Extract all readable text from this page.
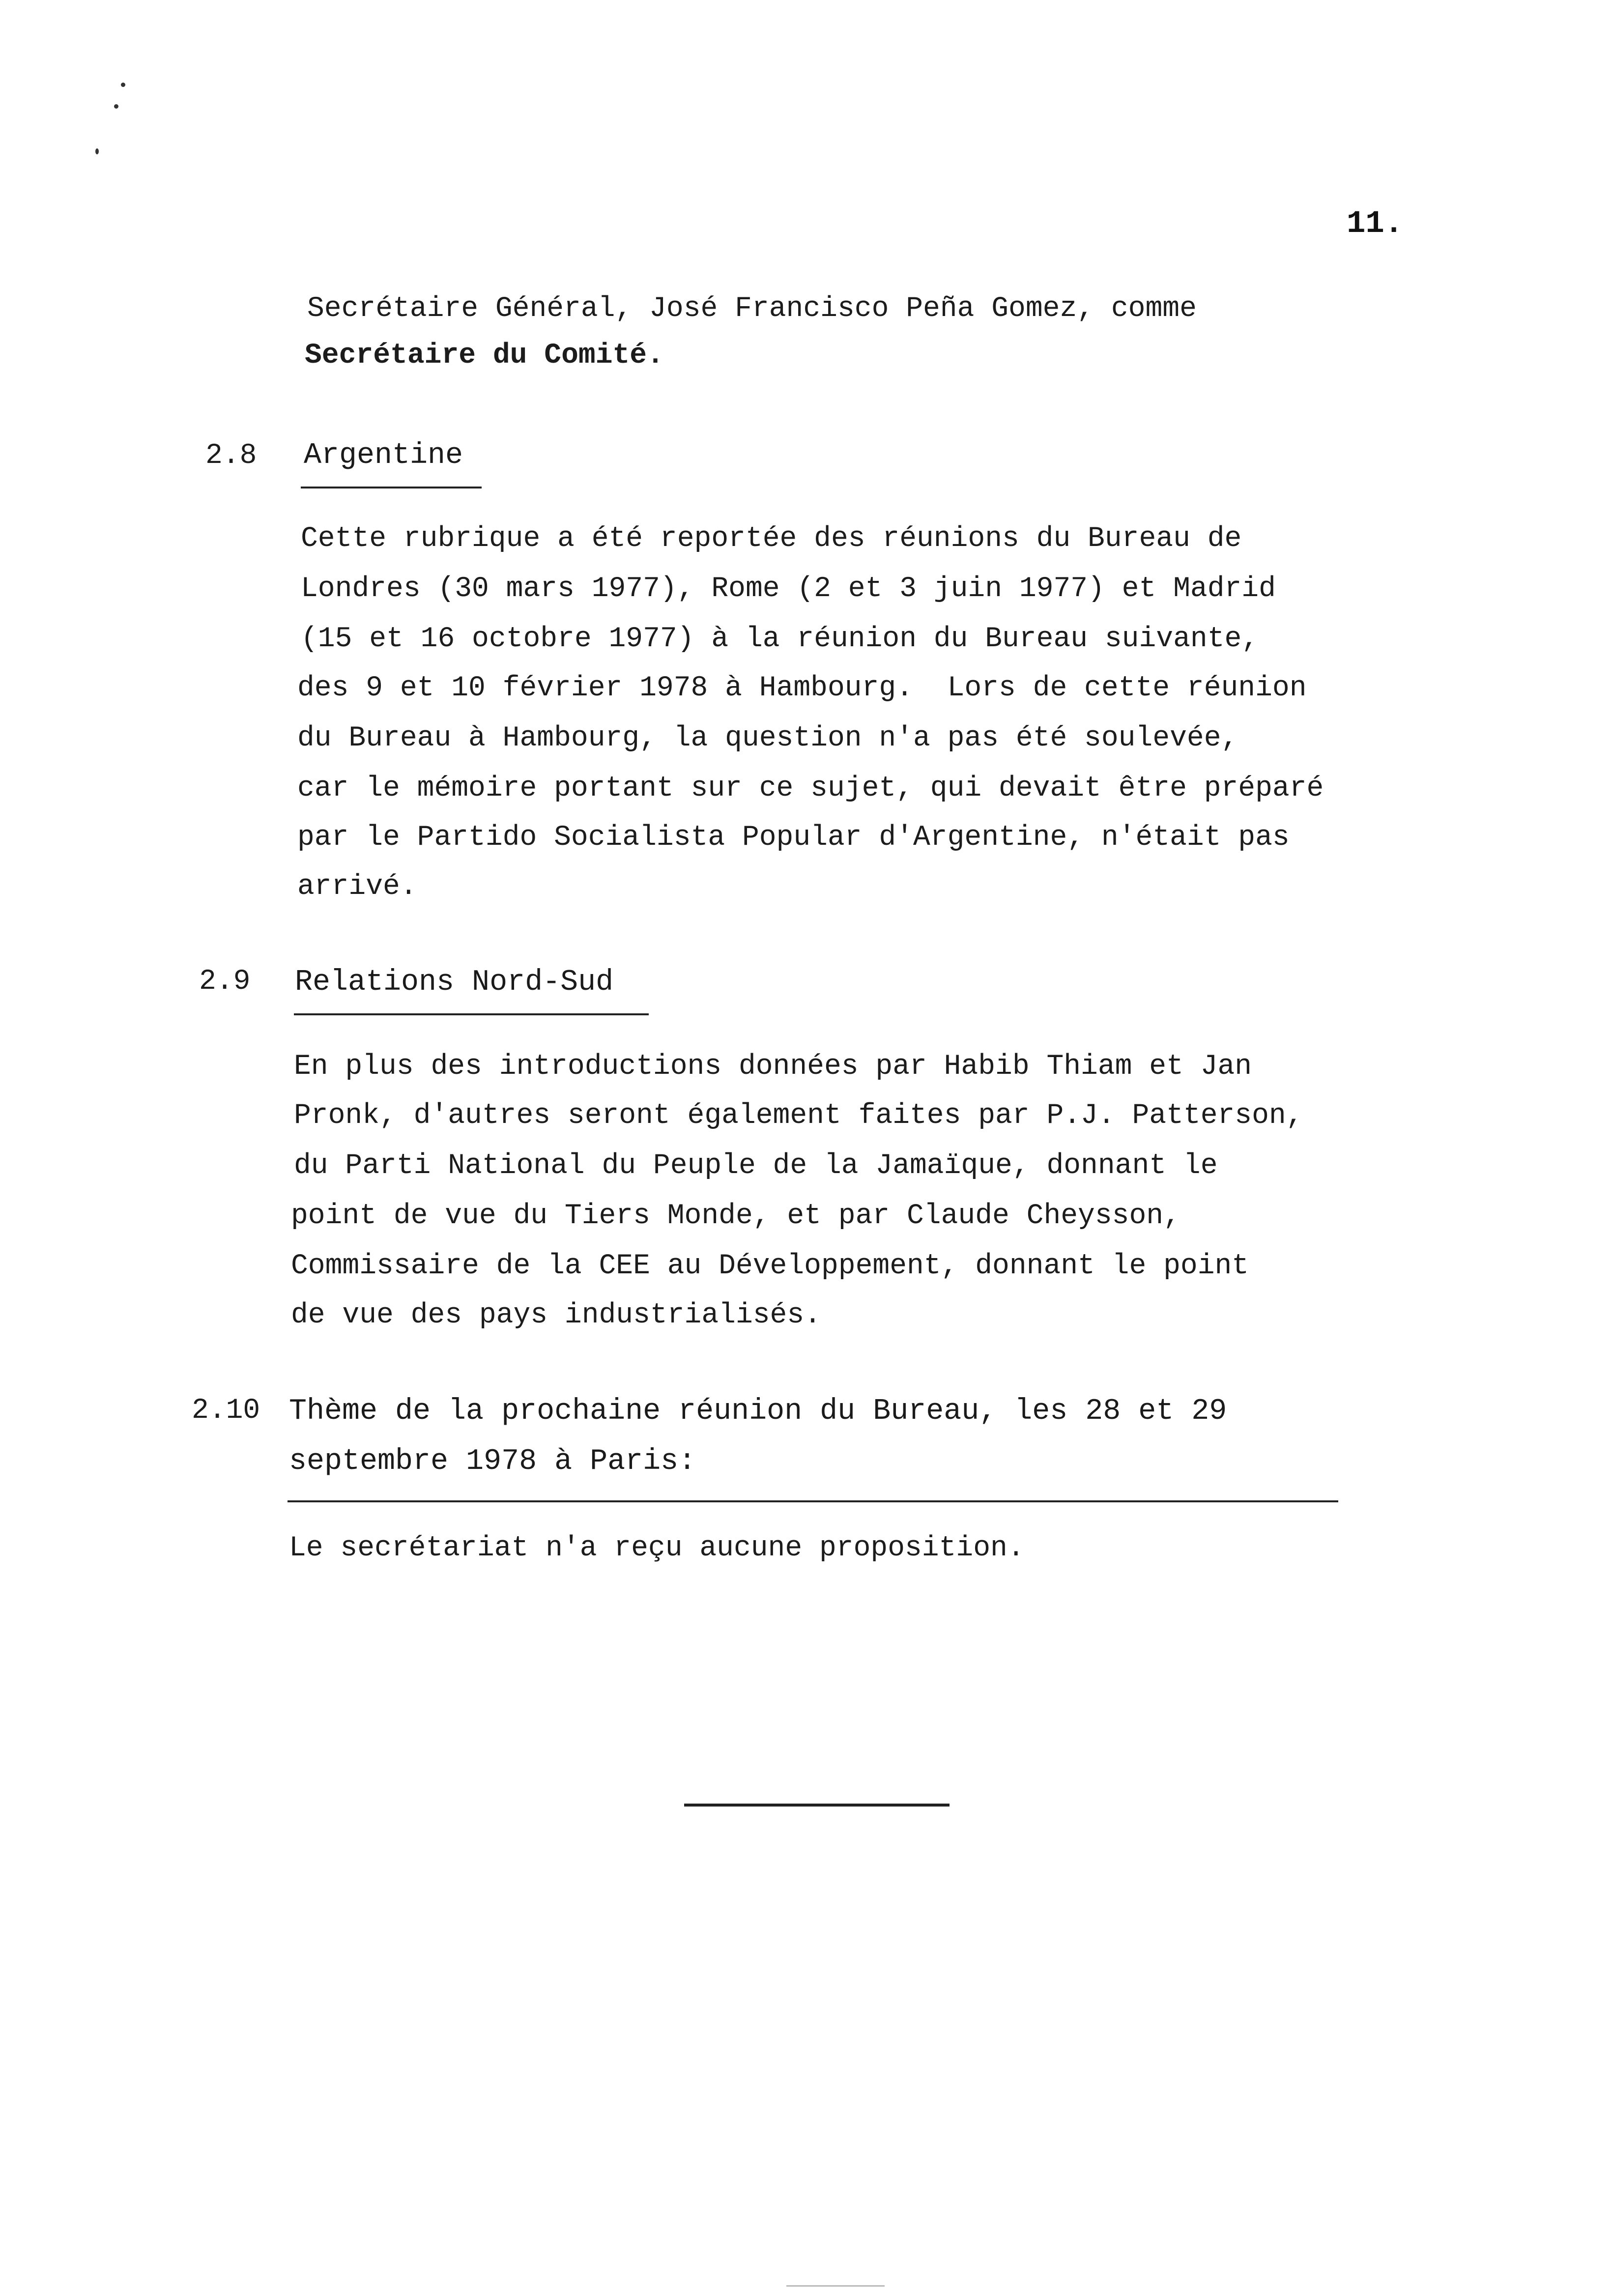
11.
Secrétaire Général, José Francisco Peña Gomez, comme
Secrétaire du Comité.
2.8 Argentine
Cette rubrique a été reportée des réunions du Bureau de
Londres (30 mars 1977), Rome (2 et 3 juin 1977) et Madrid
(15 et 16 octobre 1977) à la réunion du Bureau suivante,
des 9 et 10 février 1978 à Hambourg.  Lors de cette réunion
du Bureau à Hambourg, la question n'a pas été soulevée,
car le mémoire portant sur ce sujet, qui devait être préparé
par le Partido Socialista Popular d'Argentine, n'était pas
arrivé.
2.9 Relations Nord-Sud
En plus des introductions données par Habib Thiam et Jan
Pronk, d'autres seront également faites par P.J. Patterson,
du Parti National du Peuple de la Jamaïque, donnant le
point de vue du Tiers Monde, et par Claude Cheysson,
Commissaire de la CEE au Développement, donnant le point
de vue des pays industrialisés.
2.10 Thème de la prochaine réunion du Bureau, les 28 et 29
septembre 1978 à Paris:
Le secrétariat n'a reçu aucune proposition.
